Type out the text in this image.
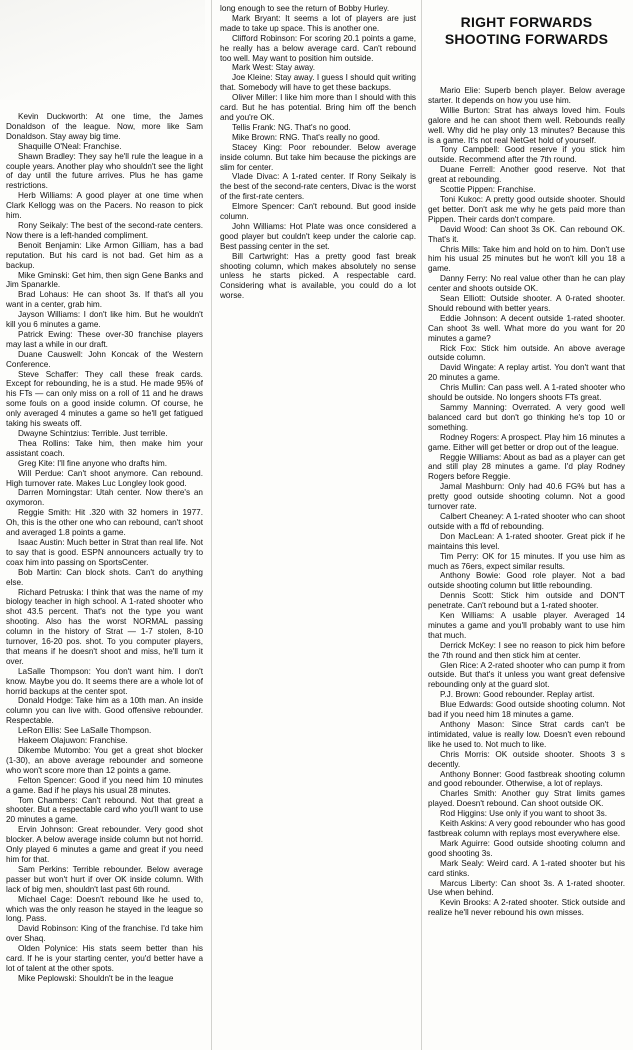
RIGHT FORWARDS
SHOOTING FORWARDS
Kevin Duckworth: At one time, the James Donaldson of the league. Now, more like Sam Donaldson. Stay away big time.
Shaquille O'Neal: Franchise.
Shawn Bradley: They say he'll rule the league in a couple years. Another play who shouldn't see the light of day until the future arrives. Plus he has game restrictions.
Herb Williams: A good player at one time when Clark Kellogg was on the Pacers. No reason to pick him.
Rony Seikaly: The best of the second-rate centers. Now there is a left-handed compliment.
Benoit Benjamin: Like Armon Gilliam, has a bad reputation. But his card is not bad. Get him as a backup.
Mike Gminski: Get him, then sign Gene Banks and Jim Spanarkle.
Brad Lohaus: He can shoot 3s. If that's all you want in a center, grab him.
Jayson Williams: I don't like him. But he wouldn't kill you 6 minutes a game.
Patrick Ewing: These over-30 franchise players may last a while in our draft.
Duane Causwell: John Koncak of the Western Conference.
Steve Schaffer: They call these freak cards. Except for rebounding, he is a stud. He made 95% of his FTs — can only miss on a roll of 11 and he draws some fouls on a good inside column. Of course, he only averaged 4 minutes a game so he'll get fatigued taking his sweats off.
Dwayne Schintzius: Terrible. Just terrible.
Thea Rollins: Take him, then make him your assistant coach.
Greg Kite: I'll fine anyone who drafts him.
Will Perdue: Can't shoot anymore. Can rebound. High turnover rate. Makes Luc Longley look good.
Darren Morningstar: Utah center. Now there's an oxymoron.
Reggie Smith: Hit .320 with 32 homers in 1977. Oh, this is the other one who can rebound, can't shoot and averaged 1.8 points a game.
Isaac Austin: Much better in Strat than real life. Not to say that is good. ESPN announcers actually try to coax him into passing on SportsCenter.
Bob Martin: Can block shots. Can't do anything else.
Richard Petruska: I think that was the name of my biology teacher in high school. A 1-rated shooter who shot 43.5 percent. That's not the type you want shooting. Also has the worst NORMAL passing column in the history of Strat — 1-7 stolen, 8-10 turnover, 16-20 pos. shot. To you computer players, that means if he doesn't shoot and miss, he'll turn it over.
LaSalle Thompson: You don't want him. I don't know. Maybe you do. It seems there are a whole lot of horrid backups at the center spot.
Donald Hodge: Take him as a 10th man. An inside column you can live with. Good offensive rebounder. Respectable.
LeRon Ellis: See LaSalle Thompson.
Hakeem Olajuwon: Franchise.
Dikembe Mutombo: You get a great shot blocker (1-30), an above average rebounder and someone who won't score more than 12 points a game.
Felton Spencer: Good if you need him 10 minutes a game. Bad if he plays his usual 28 minutes.
Tom Chambers: Can't rebound. Not that great a shooter. But a respectable card who you'll want to use 20 minutes a game.
Ervin Johnson: Great rebounder. Very good shot blocker. A below average inside column but not horrid. Only played 6 minutes a game and great if you need him for that.
Sam Perkins: Terrible rebounder. Below average passer but won't hurt if over OK inside column. With lack of big men, shouldn't last past 6th round.
Michael Cage: Doesn't rebound like he used to, which was the only reason he stayed in the league so long. Pass.
David Robinson: King of the franchise. I'd take him over Shaq.
Olden Polynice: His stats seem better than his card. If he is your starting center, you'd better have a lot of talent at the other spots.
Mike Peplowski: Shouldn't be in the league
long enough to see the return of Bobby Hurley.
Mark Bryant: It seems a lot of players are just made to take up space. This is another one.
Clifford Robinson: For scoring 20.1 points a game, he really has a below average card. Can't rebound too well. May want to position him outside.
Mark West: Stay away.
Joe Kleine: Stay away. I guess I should quit writing that. Somebody will have to get these backups.
Oliver Miller: I like him more than I should with this card. But he has potential. Bring him off the bench and you're OK.
Tellis Frank: NG. That's no good.
Mike Brown: RNG. That's really no good.
Stacey King: Poor rebounder. Below average inside column. But take him because the pickings are slim for center.
Vlade Divac: A 1-rated center. If Rony Seikaly is the best of the second-rate centers, Divac is the worst of the first-rate centers.
Elmore Spencer: Can't rebound. But good inside column.
John Williams: Hot Plate was once considered a good player but couldn't keep under the calorie cap. Best passing center in the set.
Bill Cartwright: Has a pretty good fast break shooting column, which makes absolutely no sense unless he starts picked. A respectable card. Considering what is available, you could do a lot worse.
Mario Elie: Superb bench player. Below average starter. It depends on how you use him.
Willie Burton: Strat has always loved him. Fouls galore and he can shoot them well. Rebounds really well. Why did he play only 13 minutes? Because this is a game. It's not real NetGet hold of yourself.
Tony Campbell: Good reserve if you stick him outside. Recommend after the 7th round.
Duane Ferrell: Another good reserve. Not that great at rebounding.
Scottie Pippen: Franchise.
Toni Kukoc: A pretty good outside shooter. Should get better. Don't ask me why he gets paid more than Pippen. Their cards don't compare.
David Wood: Can shoot 3s OK. Can rebound OK. That's it.
Chris Mills: Take him and hold on to him. Don't use him his usual 25 minutes but he won't kill you 18 a game.
Danny Ferry: No real value other than he can play center and shoots outside OK.
Sean Elliott: Outside shooter. A 0-rated shooter. Should rebound with better years.
Eddie Johnson: A decent outside 1-rated shooter. Can shoot 3s well. What more do you want for 20 minutes a game?
Rick Fox: Stick him outside. An above average outside column.
David Wingate: A replay artist. You don't want that 20 minutes a game.
Chris Mullin: Can pass well. A 1-rated shooter who should be outside. No longers shoots FTs great.
Sammy Manning: Overrated. A very good well balanced card but don't go thinking he's top 10 or something.
Rodney Rogers: A prospect. Play him 16 minutes a game. Either will get better or drop out of the league.
Reggie Williams: About as bad as a player can get and still play 28 minutes a game. I'd play Rodney Rogers before Reggie.
Jamal Mashburn: Only had 40.6 FG% but has a pretty good outside shooting column. Not a good turnover rate.
Calbert Cheaney: A 1-rated shooter who can shoot outside with a ffd of rebounding.
Don MacLean: A 1-rated shooter. Great pick if he maintains this level.
Tim Perry: OK for 15 minutes. If you use him as much as 76ers, expect similar results.
Anthony Bowie: Good role player. Not a bad outside shooting column but little rebounding.
Dennis Scott: Stick him outside and DON'T penetrate. Can't rebound but a 1-rated shooter.
Ken Williams: A usable player. Averaged 14 minutes a game and you'll probably want to use him that much.
Derrick McKey: I see no reason to pick him before the 7th round and then stick him at center.
Glen Rice: A 2-rated shooter who can pump it from outside. But that's it unless you want great defensive rebounding only at the guard slot.
P.J. Brown: Good rebounder. Replay artist.
Blue Edwards: Good outside shooting column. Not bad if you need him 18 minutes a game.
Anthony Mason: Since Strat cards can't be intimidated, value is really low. Doesn't even rebound like he used to. Not much to like.
Chris Morris: OK outside shooter. Shoots 3 s decently.
Anthony Bonner: Good fastbreak shooting column and good rebounder. Otherwise, a lot of replays.
Charles Smith: Another guy Strat limits games played. Doesn't rebound. Can shoot outside OK.
Rod Higgins: Use only if you want to shoot 3s.
Keith Askins: A very good rebounder who has good fastbreak column with replays most everywhere else.
Mark Aguirre: Good outside shooting column and good shooting 3s.
Mark Sealy: Weird card. A 1-rated shooter but his card stinks.
Marcus Liberty: Can shoot 3s. A 1-rated shooter. Use when behind.
Kevin Brooks: A 2-rated shooter. Stick outside and realize he'll never rebound his own misses.
